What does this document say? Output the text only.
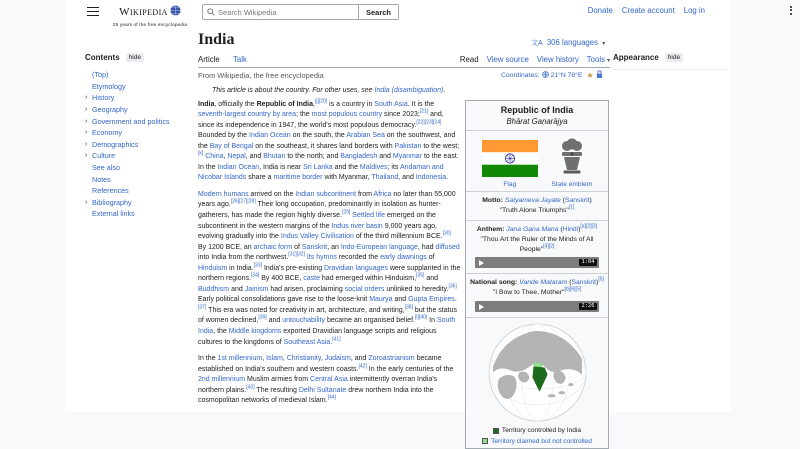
Wikipedia
25 years of the free encyclopedia
Search Wikipedia	Search	Donate Create account Log in
India	文A 306 languages ▾
Article Talk	Read View source View history Tools ▾
From Wikipedia, the free encyclopedia	Coordinates: 21°N 78°E ★
Contents	hide
(Top)
Etymology
› History
› Geography
› Government and politics
› Economy
› Demographics
› Culture
See also
Notes
References
› Bibliography
External links
Appearance	hide
This article is about the country. For other uses, see India (disambiguation).

India, officially the Republic of India,[j][20] is a country in South Asia. It is the seventh-largest country by area; the most populous country since 2023;[21] and, since its independence in 1947, the world's most populous democracy.[22][23][24] Bounded by the Indian Ocean on the south, the Arabian Sea on the southwest, and the Bay of Bengal on the southeast, it shares land borders with Pakistan to the west;[k] China, Nepal, and Bhutan to the north; and Bangladesh and Myanmar to the east. In the Indian Ocean, India is near Sri Lanka and the Maldives; its Andaman and Nicobar Islands share a maritime border with Myanmar, Thailand, and Indonesia.

Modern humans arrived on the Indian subcontinent from Africa no later than 55,000 years ago.[26][27][28] Their long occupation, predominantly in isolation as hunter-gatherers, has made the region highly diverse.[29] Settled life emerged on the subcontinent in the western margins of the Indus river basin 9,000 years ago, evolving gradually into the Indus Valley Civilisation of the third millennium BCE.[30] By 1200 BCE, an archaic form of Sanskrit, an Indo-European language, had diffused into India from the northwest.[31][32] Its hymns recorded the early dawnings of Hinduism in India.[33] India's pre-existing Dravidian languages were supplanted in the northern regions.[34] By 400 BCE, caste had emerged within Hinduism,[35] and Buddhism and Jainism had arisen, proclaiming social orders unlinked to heredity.[36] Early political consolidations gave rise to the loose-knit Maurya and Gupta Empires.[37] This era was noted for creativity in art, architecture, and writing,[38] but the status of women declined,[39] and untouchability became an organised belief.[l][40] In South India, the Middle kingdoms exported Dravidian language scripts and religious cultures to the kingdoms of Southeast Asia.[41]

In the 1st millennium, Islam, Christianity, Judaism, and Zoroastrianism became established on India's southern and western coasts.[42] In the early centuries of the 2nd millennium Muslim armies from Central Asia intermittently overran India's northern plains.[43] The resulting Delhi Sultanate drew northern India into the cosmopolitan networks of medieval Islam.[44]

Republic of India
Bhārat Gaṇarājya
Flag	State emblem
Motto: Satyameva Jayate (Sanskrit)
"Truth Alone Triumphs"[1]
Anthem: Jana Gana Mana (Hindi)[a][2][3]
"Thou Art the Ruler of the Minds of All People"[4][2]
1:04
National song: Vande Mataram (Sanskrit)[5]
"I Bow to Thee, Mother"[b][6][5]
2:26
Territory controlled by India
Territory claimed but not controlled
